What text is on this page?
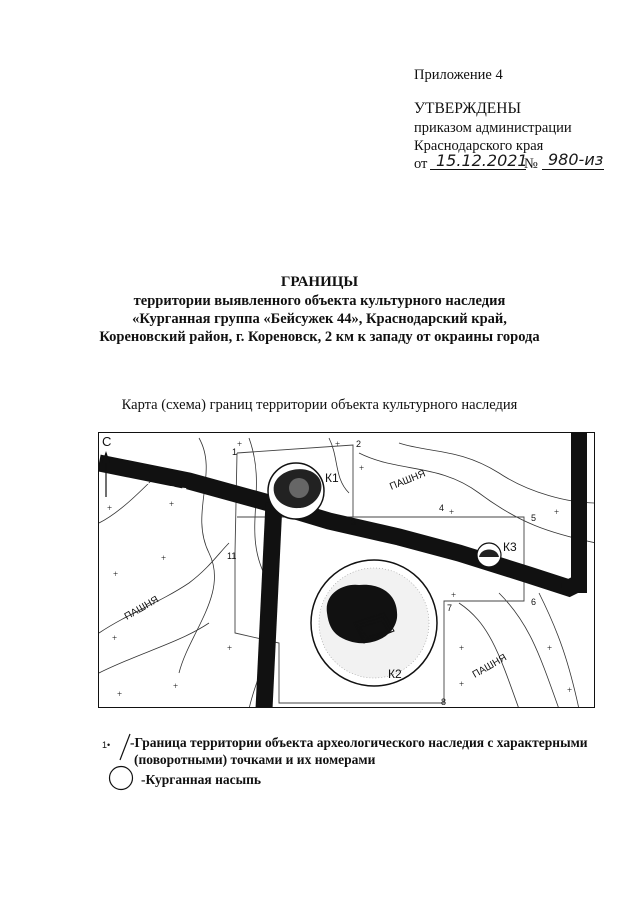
Приложение 4
УТВЕРЖДЕНЫ
приказом администрации
Краснодарского края
от 15.12.2021
№ 980-из
ГРАНИЦЫ
территории выявленного объекта культурного наследия
«Курганная группа «Бейсужек 44», Краснодарский край,
Кореновский район, г. Кореновск, 2 км к западу от окраины города
Карта (схема) границ территории объекта культурного наследия
+
+
+
+
+
+
+	+
+
+	+
+
+
+
+
+
+
+
+
С
К1
К2
К3
ПАШНЯ
ПАШНЯ
ПАШНЯ
1
2
3
4
5
6
7
8
11
1• -Граница территории объекта археологического наследия с характерными
(поворотными) точками и их номерами
-Курганная насыпь
